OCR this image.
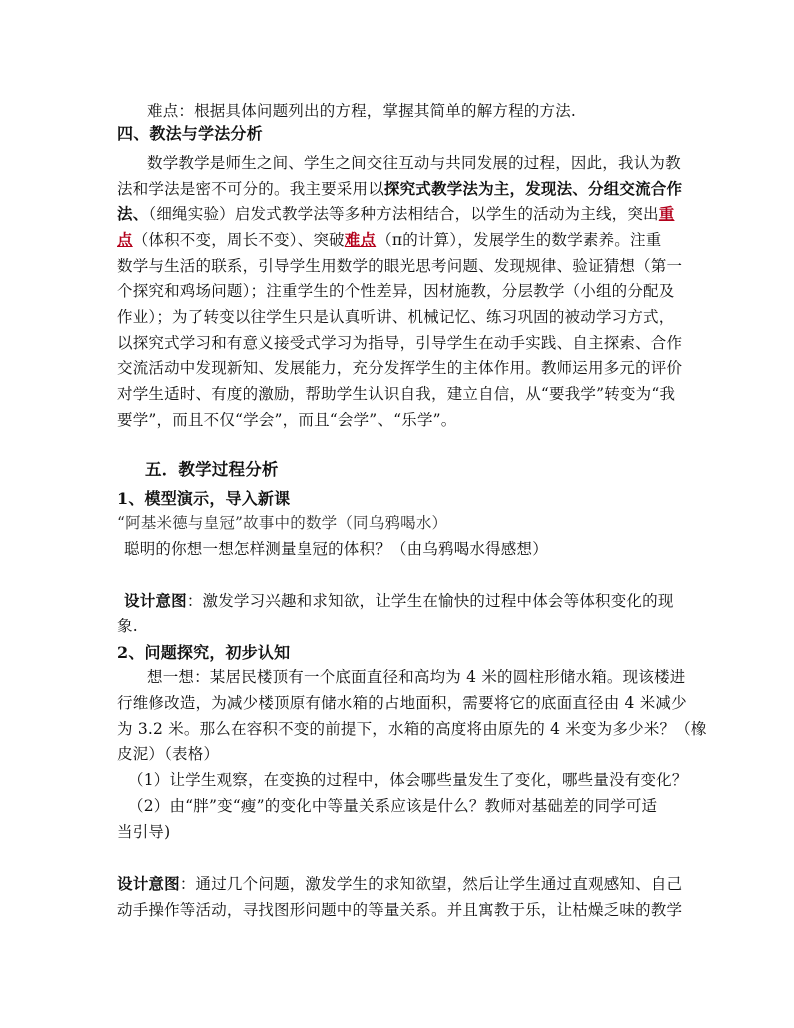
难点：根据具体问题列出的方程，掌握其简单的解方程的方法.
四、教法与学法分析
数学教学是师生之间、学生之间交往互动与共同发展的过程，因此，我认为教
法和学法是密不可分的。我主要采用以探究式教学法为主，发现法、分组交流合作
法、（细绳实验）启发式教学法等多种方法相结合，以学生的活动为主线，突出重
点（体积不变，周长不变）、突破难点（π的计算），发展学生的数学素养。注重
数学与生活的联系，引导学生用数学的眼光思考问题、发现规律、验证猜想（第一
个探究和鸡场问题）；注重学生的个性差异，因材施教，分层教学（小组的分配及
作业）；为了转变以往学生只是认真听讲、机械记忆、练习巩固的被动学习方式，
以探究式学习和有意义接受式学习为指导，引导学生在动手实践、自主探索、合作
交流活动中发现新知、发展能力，充分发挥学生的主体作用。教师运用多元的评价
对学生适时、有度的激励，帮助学生认识自我，建立自信，从“要我学”转变为“我
要学”，而且不仅“学会”，而且“会学”、“乐学”。
五．教学过程分析
1、模型演示，导入新课
“阿基米德与皇冠”故事中的数学（同乌鸦喝水）
聪明的你想一想怎样测量皇冠的体积？（由乌鸦喝水得感想）
设计意图：激发学习兴趣和求知欲，让学生在愉快的过程中体会等体积变化的现
象.
2、问题探究，初步认知
想一想：某居民楼顶有一个底面直径和高均为 4 米的圆柱形储水箱。现该楼进
行维修改造，为减少楼顶原有储水箱的占地面积，需要将它的底面直径由 4 米减少
为 3.2 米。那么在容积不变的前提下，水箱的高度将由原先的 4 米变为多少米？（橡
皮泥）（表格）
（1）让学生观察，在变换的过程中，体会哪些量发生了变化，哪些量没有变化？
（2）由“胖”变“瘦”的变化中等量关系应该是什么？教师对基础差的同学可适
当引导)
设计意图：通过几个问题，激发学生的求知欲望，然后让学生通过直观感知、自己
动手操作等活动，寻找图形问题中的等量关系。并且寓教于乐，让枯燥乏味的教学
